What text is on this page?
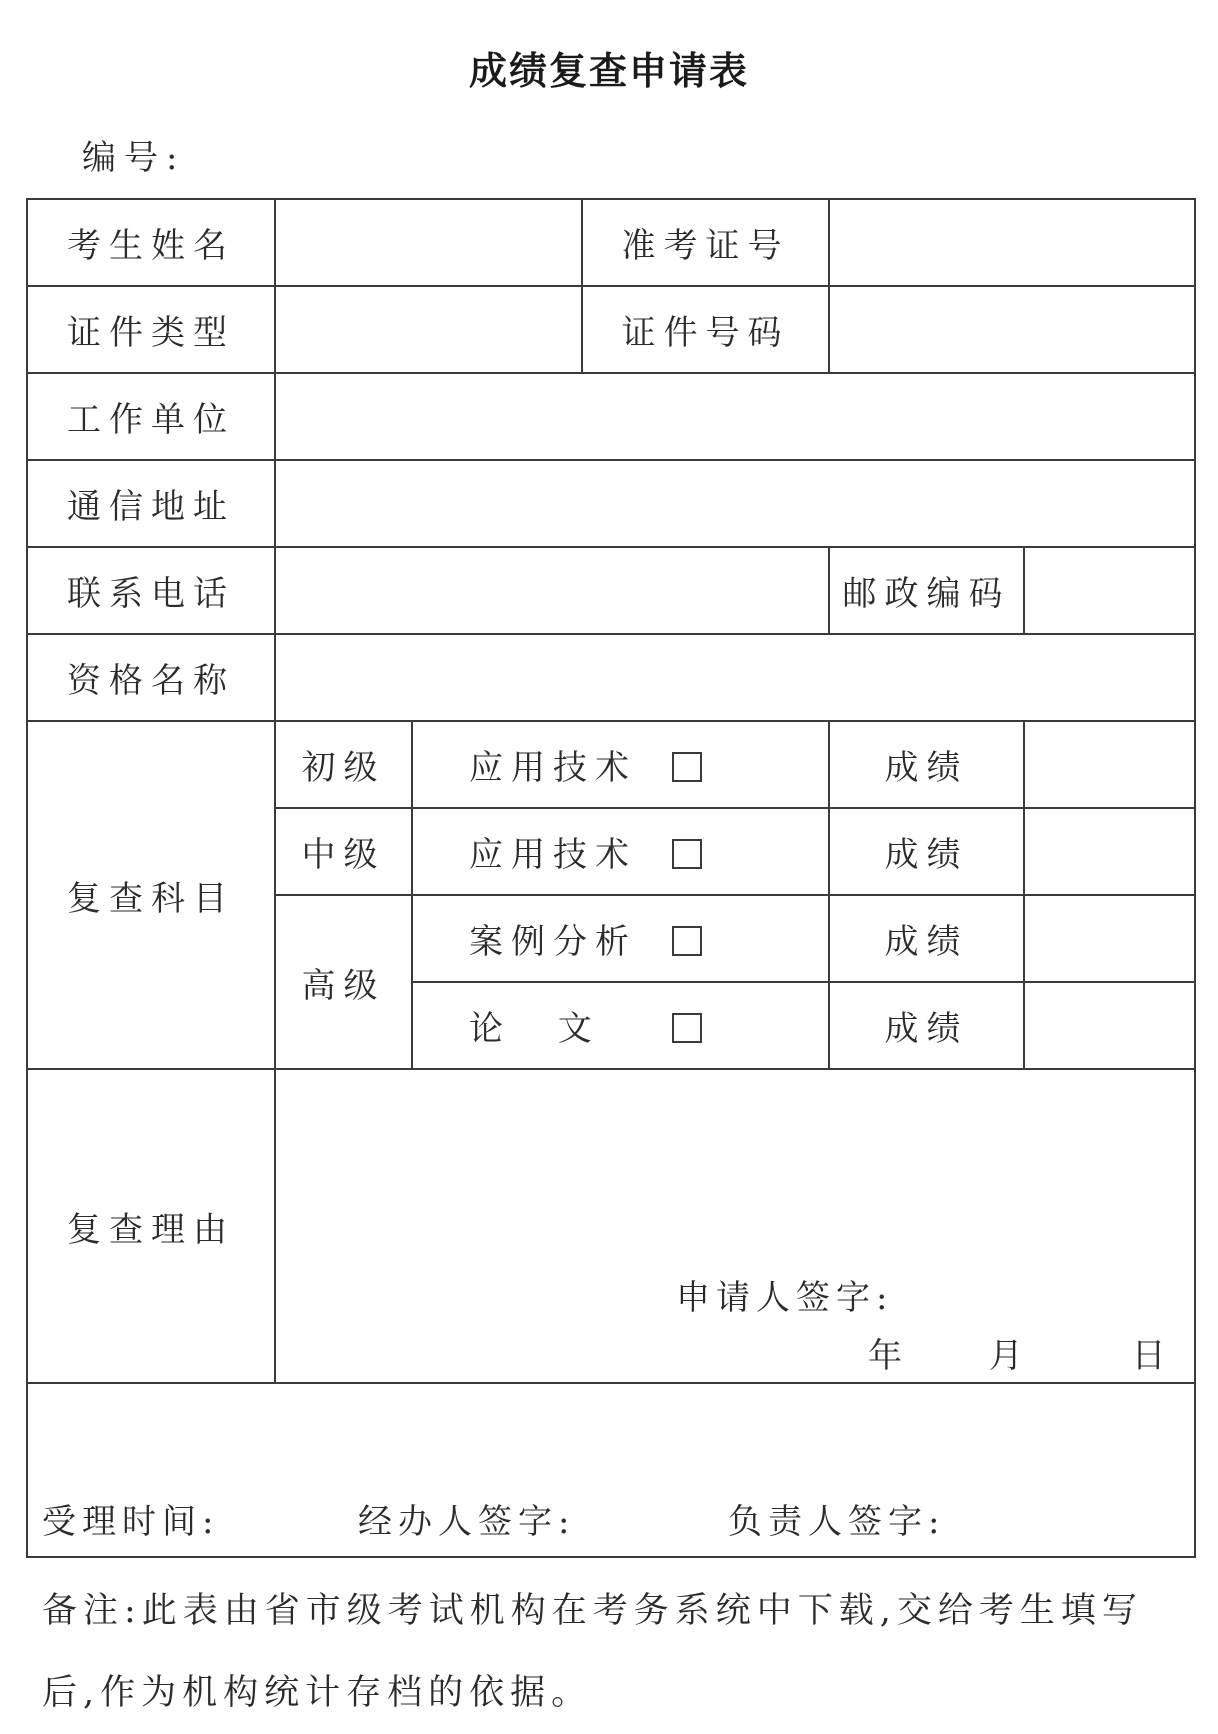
成绩复查申请表
编号:
考生姓名			准考证号		
证件类型			证件号码		
工作单位					
通信地址					
联系电话				邮政编码	
资格名称					
复查科目	初级	应用技术		成绩	
	中级	应用技术		成绩	
	高级	案例分析		成绩	
		论 文		成绩	
复查理由	申请人签字:
年 月 日				

受理时间: 经办人签字: 负责人签字:					
备注:此表由省市级考试机构在考务系统中下载,交给考生填写后,作为机构统计存档的依据。
